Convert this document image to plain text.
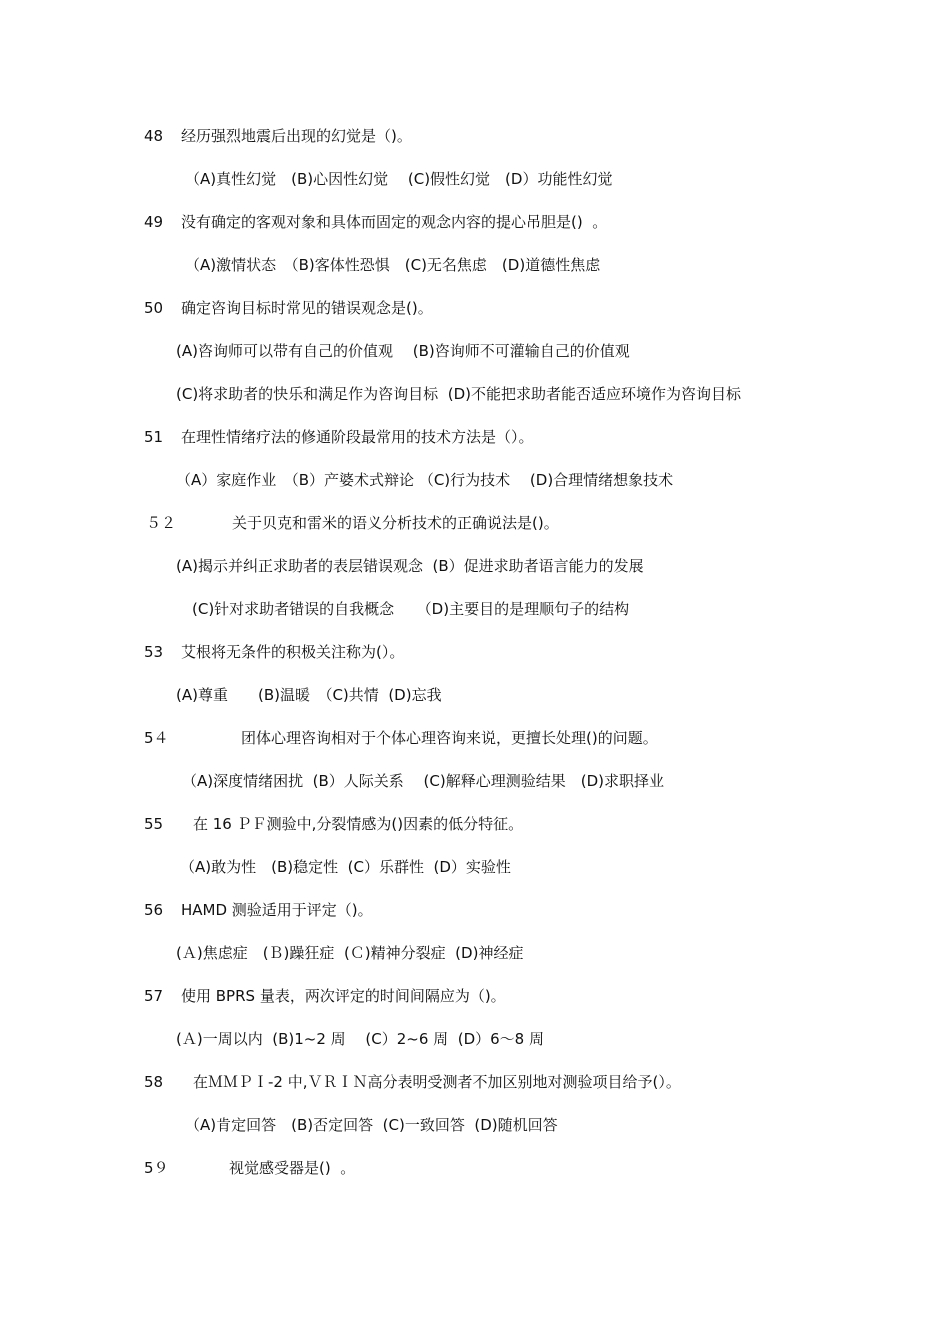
48 经历强烈地震后出现的幻觉是（)。
（A)真性幻觉　(B)心因性幻觉　 (C)假性幻觉　(D）功能性幻觉
49 没有确定的客观对象和具体而固定的观念内容的提心吊胆是()  。
（A)激情状态　（B)客体性恐惧　(C)无名焦虑　(D)道德性焦虑
50 确定咨询目标时常见的错误观念是()。
(A)咨询师可以带有自己的价值观　 (B)咨询师不可灌输自己的价值观
(C)将求助者的快乐和满足作为咨询目标  (D)不能把求助者能否适应环境作为咨询目标
51 在理性情绪疗法的修通阶段最常用的技术方法是（）。
（A）家庭作业　（B）产婆术式辩论 （C)行为技术　 (D)合理情绪想象技术
５２	关于贝克和雷米的语义分析技术的正确说法是()。
(A)揭示并纠正求助者的表层错误观念  (B）促进求助者语言能力的发展
(C)针对求助者错误的自我概念　　（D)主要目的是理顺句子的结构
53 艾根将无条件的积极关注称为(）。
(A)尊重　　(B)温暖　（C)共情  (D)忘我
5４	团体心理咨询相对于个体心理咨询来说，更擅长处理()的问题。
（A)深度情绪困扰  (B）人际关系　 (C)解释心理测验结果　(D)求职择业
55 在 16 ＰＦ测验中,分裂情感为()因素的低分特征。
（A)敢为性　(B)稳定性  (C）乐群性  (D）实验性
56 HAMD 测验适用于评定（)。
(Ａ)焦虑症　(Ｂ)躁狂症  (Ｃ)精神分裂症  (D)神经症
57 使用 BPRS 量表，两次评定的时间间隔应为（)。
(Ａ)一周以内  (B)1~2 周　 (C）2~6 周  (D）6～8 周
58 在ＭＭＰＩ-2 中,ＶＲＩＮ高分表明受测者不加区别地对测验项目给予(）。
（A)肯定回答　(B)否定回答  (C)一致回答  (D)随机回答
5９	视觉感受器是()  。
